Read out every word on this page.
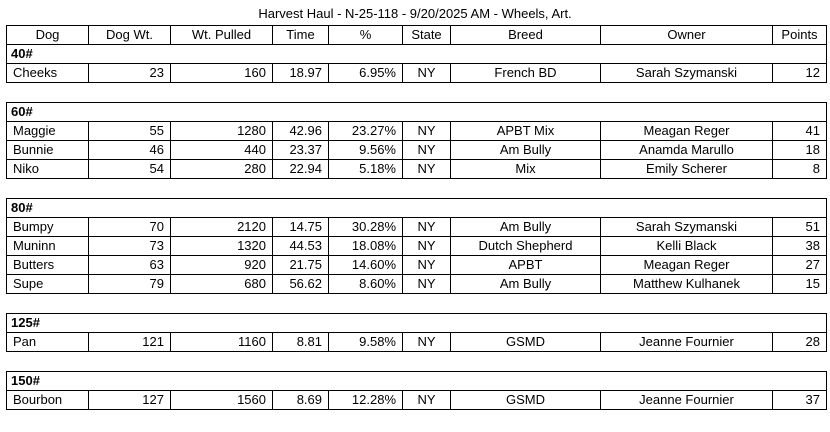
Harvest Haul - N-25-118 - 9/20/2025 AM - Wheels, Art.
Dog	Dog Wt.	Wt. Pulled	Time	%	State	Breed	Owner	Points
40#								
Cheeks	23	160	18.97	6.95%	NY	French BD	Sarah Szymanski	12

60#								
Maggie	55	1280	42.96	23.27%	NY	APBT Mix	Meagan Reger	41
Bunnie	46	440	23.37	9.56%	NY	Am Bully	Anamda Marullo	18
Niko	54	280	22.94	5.18%	NY	Mix	Emily Scherer	8

80#								
Bumpy	70	2120	14.75	30.28%	NY	Am Bully	Sarah Szymanski	51
Muninn	73	1320	44.53	18.08%	NY	Dutch Shepherd	Kelli Black	38
Butters	63	920	21.75	14.60%	NY	APBT	Meagan Reger	27
Supe	79	680	56.62	8.60%	NY	Am Bully	Matthew Kulhanek	15

125#								
Pan	121	1160	8.81	9.58%	NY	GSMD	Jeanne Fournier	28

150#								
Bourbon	127	1560	8.69	12.28%	NY	GSMD	Jeanne Fournier	37
